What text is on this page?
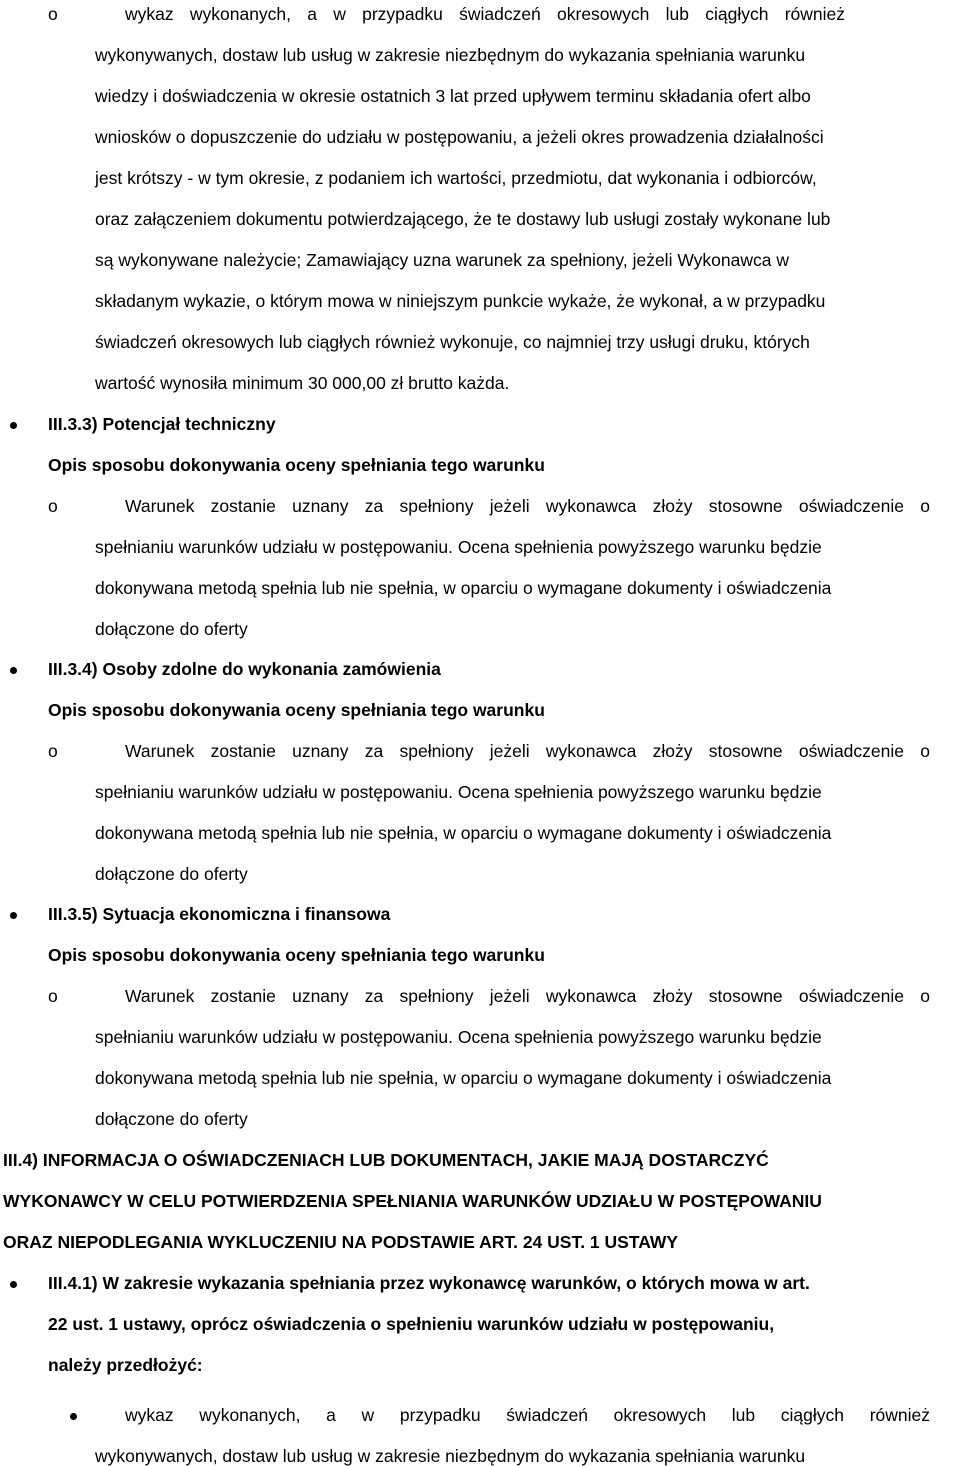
o	wykaz wykonanych, a w przypadku świadczeń okresowych lub ciągłych również
wykonywanych, dostaw lub usług w zakresie niezbędnym do wykazania spełniania warunku
wiedzy i doświadczenia w okresie ostatnich 3 lat przed upływem terminu składania ofert albo
wniosków o dopuszczenie do udziału w postępowaniu, a jeżeli okres prowadzenia działalności
jest krótszy - w tym okresie, z podaniem ich wartości, przedmiotu, dat wykonania i odbiorców,
oraz załączeniem dokumentu potwierdzającego, że te dostawy lub usługi zostały wykonane lub
są wykonywane należycie; Zamawiający uzna warunek za spełniony, jeżeli Wykonawca w
składanym wykazie, o którym mowa w niniejszym punkcie wykaże, że wykonał, a w przypadku
świadczeń okresowych lub ciągłych również wykonuje, co najmniej trzy usługi druku, których
wartość wynosiła minimum 30 000,00 zł brutto każda.
III.3.3) Potencjał techniczny
Opis sposobu dokonywania oceny spełniania tego warunku
o	Warunek zostanie uznany za spełniony jeżeli wykonawca złoży stosowne oświadczenie o
spełnianiu warunków udziału w postępowaniu. Ocena spełnienia powyższego warunku będzie
dokonywana metodą spełnia lub nie spełnia, w oparciu o wymagane dokumenty i oświadczenia
dołączone do oferty
III.3.4) Osoby zdolne do wykonania zamówienia
Opis sposobu dokonywania oceny spełniania tego warunku
o	Warunek zostanie uznany za spełniony jeżeli wykonawca złoży stosowne oświadczenie o
spełnianiu warunków udziału w postępowaniu. Ocena spełnienia powyższego warunku będzie
dokonywana metodą spełnia lub nie spełnia, w oparciu o wymagane dokumenty i oświadczenia
dołączone do oferty
III.3.5) Sytuacja ekonomiczna i finansowa
Opis sposobu dokonywania oceny spełniania tego warunku
o	Warunek zostanie uznany za spełniony jeżeli wykonawca złoży stosowne oświadczenie o
spełnianiu warunków udziału w postępowaniu. Ocena spełnienia powyższego warunku będzie
dokonywana metodą spełnia lub nie spełnia, w oparciu o wymagane dokumenty i oświadczenia
dołączone do oferty
III.4) INFORMACJA O OŚWIADCZENIACH LUB DOKUMENTACH, JAKIE MAJĄ DOSTARCZYĆ
WYKONAWCY W CELU POTWIERDZENIA SPEŁNIANIA WARUNKÓW UDZIAŁU W POSTĘPOWANIU
ORAZ NIEPODLEGANIA WYKLUCZENIU NA PODSTAWIE ART. 24 UST. 1 USTAWY
III.4.1) W zakresie wykazania spełniania przez wykonawcę warunków, o których mowa w art.
22 ust. 1 ustawy, oprócz oświadczenia o spełnieniu warunków udziału w postępowaniu,
należy przedłożyć:
wykaz wykonanych, a w przypadku świadczeń okresowych lub ciągłych również
wykonywanych, dostaw lub usług w zakresie niezbędnym do wykazania spełniania warunku
